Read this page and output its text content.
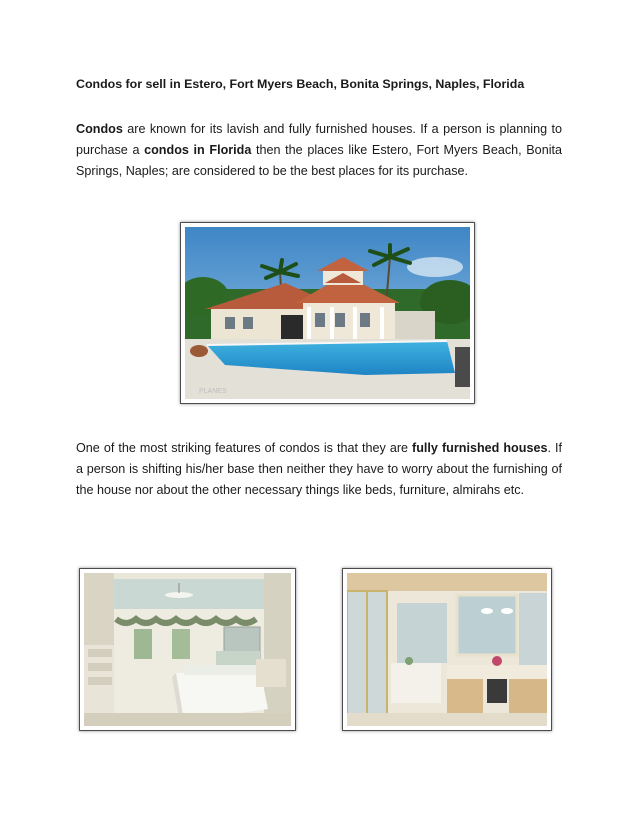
Condos for sell in Estero, Fort Myers Beach, Bonita Springs, Naples, Florida

Condos are known for its lavish and fully furnished houses. If a person is planning to purchase a condos in Florida then the places like Estero, Fort Myers Beach, Bonita Springs, Naples; are considered to be the best places for its purchase.

PLANES

One of the most striking features of condos is that they are fully furnished houses. If a person is shifting his/her base then neither they have to worry about the furnishing of the house nor about the other necessary things like beds, furniture, almirahs etc.
